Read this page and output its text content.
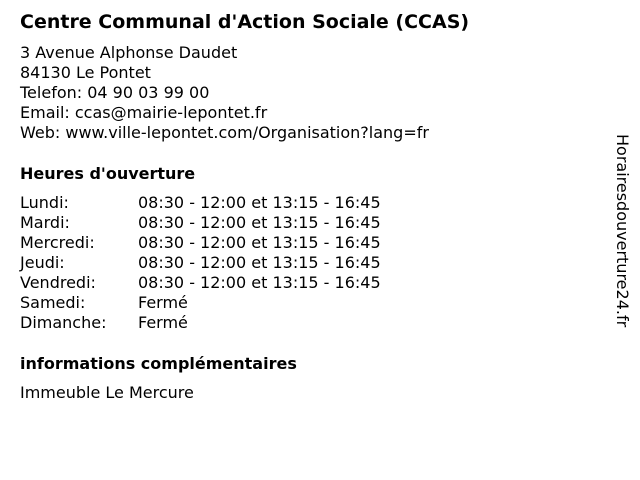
Centre Communal d'Action Sociale (CCAS)
3 Avenue Alphonse Daudet
84130 Le Pontet
Telefon: 04 90 03 99 00
Email: ccas@mairie-lepontet.fr
Web: www.ville-lepontet.com/Organisation?lang=fr
Heures d'ouverture
Lundi:	08:30 - 12:00 et 13:15 - 16:45
Mardi:	08:30 - 12:00 et 13:15 - 16:45
Mercredi:	08:30 - 12:00 et 13:15 - 16:45
Jeudi:	08:30 - 12:00 et 13:15 - 16:45
Vendredi:	08:30 - 12:00 et 13:15 - 16:45
Samedi:	Fermé
Dimanche: Fermé
informations complémentaires
Immeuble Le Mercure
Horairesdouverture24.fr
